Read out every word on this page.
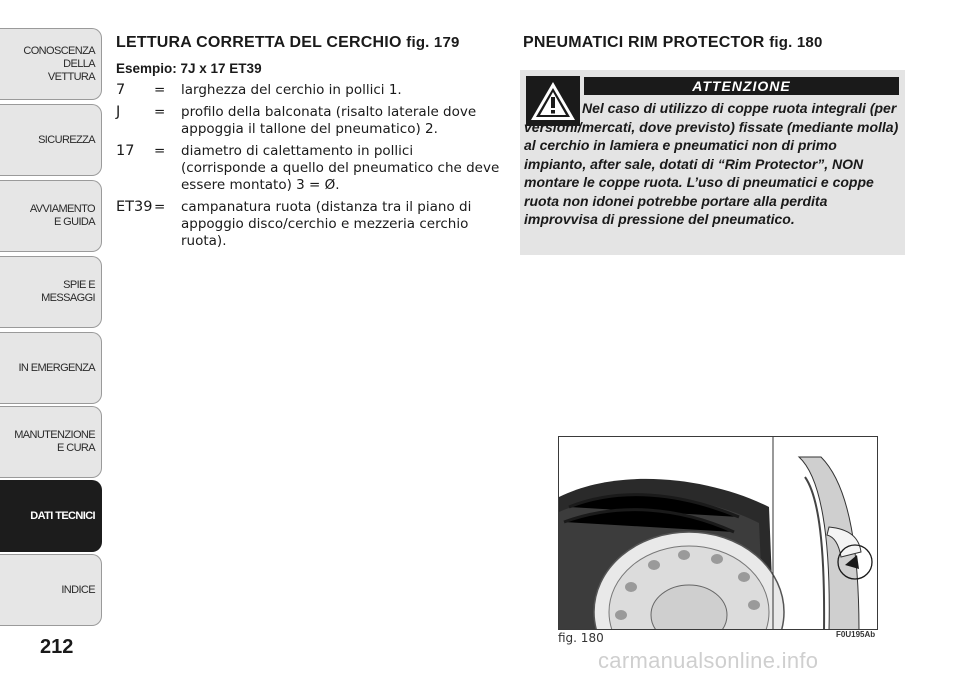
CONOSCENZA
DELLA
VETTURA
SICUREZZA
AVVIAMENTO
E GUIDA
SPIE E
MESSAGGI
IN EMERGENZA
MANUTENZIONE
E CURA
DATI TECNICI
INDICE
212
LETTURA CORRETTA DEL CERCHIO fig. 179
Esempio: 7J x 17 ET39
7	=	larghezza del cerchio in pollici 1.
J	=	profilo della balconata (risalto laterale dove appoggia il tallone del pneumatico) 2.
17	=	diametro di calettamento in pollici (corrisponde a quello del pneumatico che deve essere montato) 3 = Ø.
ET39 =	campanatura ruota (distanza tra il piano di appoggio disco/cerchio e mezzeria cerchio ruota).
PNEUMATICI RIM PROTECTOR fig. 180
ATTENZIONE

Nel caso di utilizzo di coppe ruota integrali (per versioni/mercati, dove previsto) fissate (mediante molla) al cerchio in lamiera e pneumatici non di primo impianto, after sale, dotati di “Rim Protector”, NON montare le coppe ruota. L’uso di pneumatici e coppe ruota non idonei potrebbe portare alla perdita improvvisa di pressione del pneumatico.

fig. 180	F0U195Ab
carmanualsonline.info
